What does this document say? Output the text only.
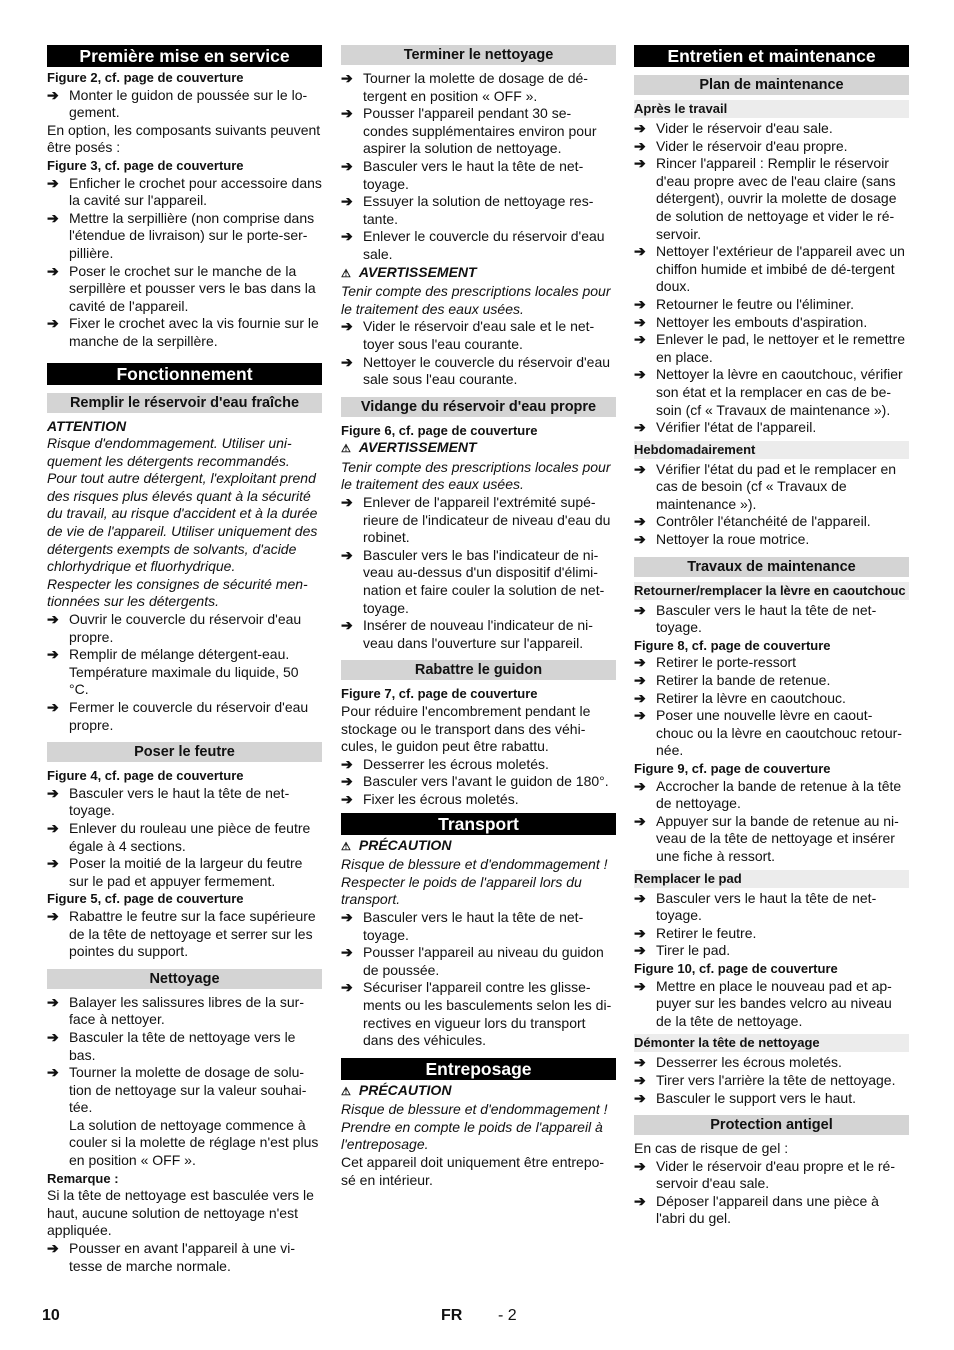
Première mise en service
Figure 2, cf. page de couverture
➔ Monter le guidon de poussée sur le lo-gement.
En option, les composants suivants peuvent être posés :
Figure 3, cf. page de couverture
➔ Enficher le crochet pour accessoire dans la cavité sur l'appareil.
➔ Mettre la serpillière (non comprise dans l'étendue de livraison) sur le porte-ser-pillière.
➔ Poser le crochet sur le manche de la serpillère et pousser vers le bas dans la cavité de l'appareil.
➔ Fixer le crochet avec la vis fournie sur le manche de la serpillère.
Fonctionnement
Remplir le réservoir d'eau fraîche
ATTENTION
Risque d'endommagement. Utiliser uni-quement les détergents recommandés. Pour tout autre détergent, l'exploitant prend des risques plus élevés quant à la sécurité du travail, au risque d'accident et à la durée de vie de l'appareil. Utiliser uniquement des détergents exempts de solvants, d'acide chlorhydrique et fluorhydrique.
Respecter les consignes de sécurité men-tionnées sur les détergents.
➔ Ouvrir le couvercle du réservoir d'eau propre.
➔ Remplir de mélange détergent-eau. Température maximale du liquide, 50 °C.
➔ Fermer le couvercle du réservoir d'eau propre.
Poser le feutre
Figure 4, cf. page de couverture
➔ Basculer vers le haut la tête de net-toyage.
➔ Enlever du rouleau une pièce de feutre égale à 4 sections.
➔ Poser la moitié de la largeur du feutre sur le pad et appuyer fermement.
Figure 5, cf. page de couverture
➔ Rabattre le feutre sur la face supérieure de la tête de nettoyage et serrer sur les pointes du support.
Nettoyage
➔ Balayer les salissures libres de la sur-face à nettoyer.
➔ Basculer la tête de nettoyage vers le bas.
➔ Tourner la molette de dosage de solu-tion de nettoyage sur la valeur souhai-tée.
La solution de nettoyage commence à couler si la molette de réglage n'est plus en position « OFF ».
Remarque :
Si la tête de nettoyage est basculée vers le haut, aucune solution de nettoyage n'est appliquée.
➔ Pousser en avant l'appareil à une vi-tesse de marche normale.
Terminer le nettoyage
➔ Tourner la molette de dosage de dé-tergent en position « OFF ».
➔ Pousser l'appareil pendant 30 se-condes supplémentaires environ pour aspirer la solution de nettoyage.
➔ Basculer vers le haut la tête de net-toyage.
➔ Essuyer la solution de nettoyage res-tante.
➔ Enlever le couvercle du réservoir d'eau sale.
⚠ AVERTISSEMENT
Tenir compte des prescriptions locales pour le traitement des eaux usées.
➔ Vider le réservoir d'eau sale et le net-toyer sous l'eau courante.
➔ Nettoyer le couvercle du réservoir d'eau sale sous l'eau courante.
Vidange du réservoir d'eau propre
Figure 6, cf. page de couverture
⚠ AVERTISSEMENT
Tenir compte des prescriptions locales pour le traitement des eaux usées.
➔ Enlever de l'appareil l'extrémité supé-rieure de l'indicateur de niveau d'eau du robinet.
➔ Basculer vers le bas l'indicateur de ni-veau au-dessus d'un dispositif d'élimi-nation et faire couler la solution de net-toyage.
➔ Insérer de nouveau l'indicateur de ni-veau dans l'ouverture sur l'appareil.
Rabattre le guidon
Figure 7, cf. page de couverture
Pour réduire l'encombrement pendant le stockage ou le transport dans des véhi-cules, le guidon peut être rabattu.
➔ Desserrer les écrous moletés.
➔ Basculer vers l'avant le guidon de 180°.
➔ Fixer les écrous moletés.
Transport
⚠ PRÉCAUTION
Risque de blessure et d'endommagement ! Respecter le poids de l'appareil lors du transport.
➔ Basculer vers le haut la tête de net-toyage.
➔ Pousser l'appareil au niveau du guidon de poussée.
➔ Sécuriser l'appareil contre les glisse-ments ou les basculements selon les di-rectives en vigueur lors du transport dans des véhicules.
Entreposage
⚠ PRÉCAUTION
Risque de blessure et d'endommagement ! Prendre en compte le poids de l'appareil à l'entreposage.
Cet appareil doit uniquement être entrepo-sé en intérieur.
Entretien et maintenance
Plan de maintenance
Après le travail
➔ Vider le réservoir d'eau sale.
➔ Vider le réservoir d'eau propre.
➔ Rincer l'appareil : Remplir le réservoir d'eau propre avec de l'eau claire (sans détergent), ouvrir la molette de dosage de solution de nettoyage et vider le ré-servoir.
➔ Nettoyer l'extérieur de l'appareil avec un chiffon humide et imbibé de dé-tergent doux.
➔ Retourner le feutre ou l'éliminer.
➔ Nettoyer les embouts d'aspiration.
➔ Enlever le pad, le nettoyer et le remettre en place.
➔ Nettoyer la lèvre en caoutchouc, vérifier son état et la remplacer en cas de be-soin (cf « Travaux de maintenance »).
➔ Vérifier l'état de l'appareil.
Hebdomadairement
➔ Vérifier l'état du pad et le remplacer en cas de besoin (cf « Travaux de maintenance »).
➔ Contrôler l'étanchéité de l'appareil.
➔ Nettoyer la roue motrice.
Travaux de maintenance
Retourner/remplacer la lèvre en caoutchouc
➔ Basculer vers le haut la tête de net-toyage.
Figure 8, cf. page de couverture
➔ Retirer le porte-ressort
➔ Retirer la bande de retenue.
➔ Retirer la lèvre en caoutchouc.
➔ Poser une nouvelle lèvre en caout-chouc ou la lèvre en caoutchouc retour-née.
Figure 9, cf. page de couverture
➔ Accrocher la bande de retenue à la tête de nettoyage.
➔ Appuyer sur la bande de retenue au ni-veau de la tête de nettoyage et insérer une fiche à ressort.
Remplacer le pad
➔ Basculer vers le haut la tête de net-toyage.
➔ Retirer le feutre.
➔ Tirer le pad.
Figure 10, cf. page de couverture
➔ Mettre en place le nouveau pad et ap-puyer sur les bandes velcro au niveau de la tête de nettoyage.
Démonter la tête de nettoyage
➔ Desserrer les écrous moletés.
➔ Tirer vers l'arrière la tête de nettoyage.
➔ Basculer le support vers le haut.
Protection antigel
En cas de risque de gel :
➔ Vider le réservoir d'eau propre et le ré-servoir d'eau sale.
➔ Déposer l'appareil dans une pièce à l'abri du gel.
10	FR - 2
